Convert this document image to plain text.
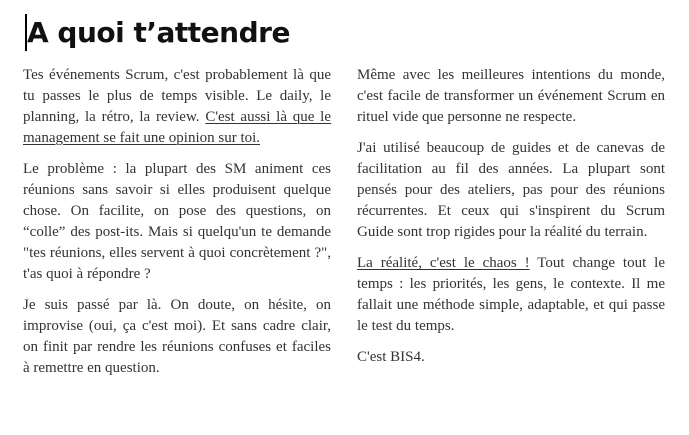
A quoi t’attendre

Tes événements Scrum, c'est probablement là que tu passes le plus de temps visible. Le daily, le planning, la rétro, la review. C'est aussi là que le management se fait une opinion sur toi.

Le problème : la plupart des SM animent ces réunions sans savoir si elles produisent quelque chose. On facilite, on pose des questions, on “colle” des post-its. Mais si quelqu'un te demande "tes réunions, elles servent à quoi concrètement ?", t'as quoi à répondre ?

Je suis passé par là. On doute, on hésite, on improvise (oui, ça c'est moi). Et sans cadre clair, on finit par rendre les réunions confuses et faciles à remettre en question.

Même avec les meilleures intentions du monde, c'est facile de transformer un événement Scrum en rituel vide que personne ne respecte.

J'ai utilisé beaucoup de guides et de canevas de facilitation au fil des années. La plupart sont pensés pour des ateliers, pas pour des réunions récurrentes. Et ceux qui s'inspirent du Scrum Guide sont trop rigides pour la réalité du terrain.

La réalité, c'est le chaos ! Tout change tout le temps : les priorités, les gens, le contexte. Il me fallait une méthode simple, adaptable, et qui passe le test du temps.

C'est BIS4.
